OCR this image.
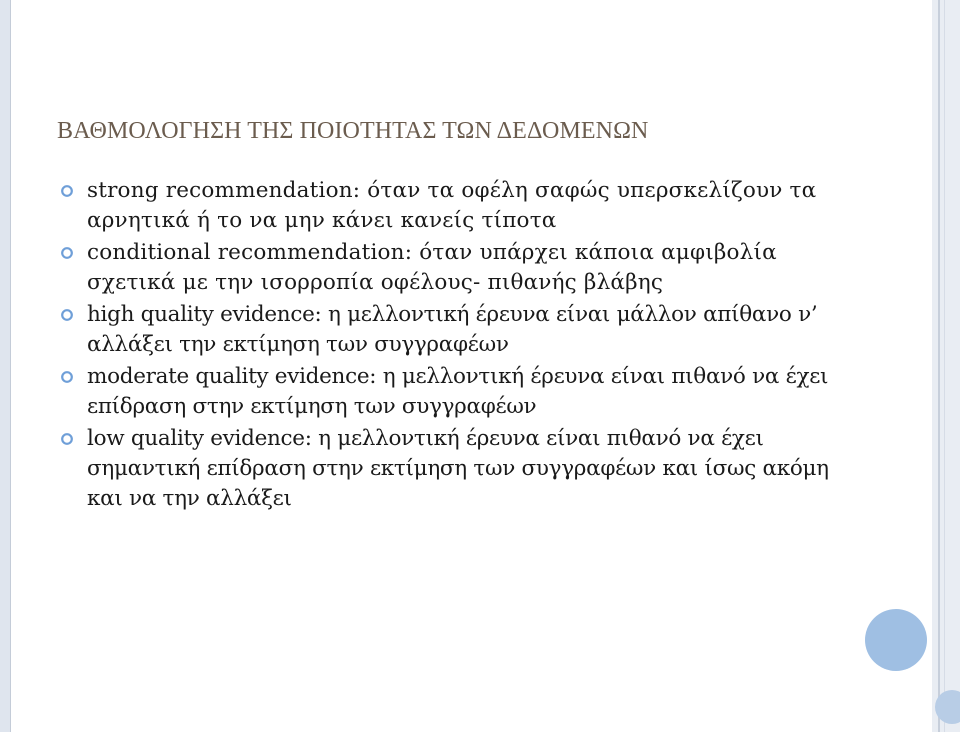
ΒΑΘΜΟΛΟΓΗΣΗ ΤΗΣ ΠΟΙΟΤΗΤΑΣ ΤΩΝ ΔΕΔΟΜΕΝΩΝ
strong recommendation: όταν τα οφέλη σαφώς υπερσκελίζουν τα αρνητικά ή το να μην κάνει κανείς τίποτα
conditional recommendation: όταν υπάρχει κάποια αμφιβολία σχετικά με την ισορροπία οφέλους- πιθανής βλάβης
high quality evidence: η μελλοντική έρευνα είναι μάλλον απίθανο ν’ αλλάξει την εκτίμηση των συγγραφέων
moderate quality evidence: η μελλοντική έρευνα είναι πιθανό να έχει επίδραση στην εκτίμηση των συγγραφέων
low quality evidence: η μελλοντική έρευνα είναι πιθανό να έχει σημαντική επίδραση στην εκτίμηση των συγγραφέων και ίσως ακόμη και να την αλλάξει
